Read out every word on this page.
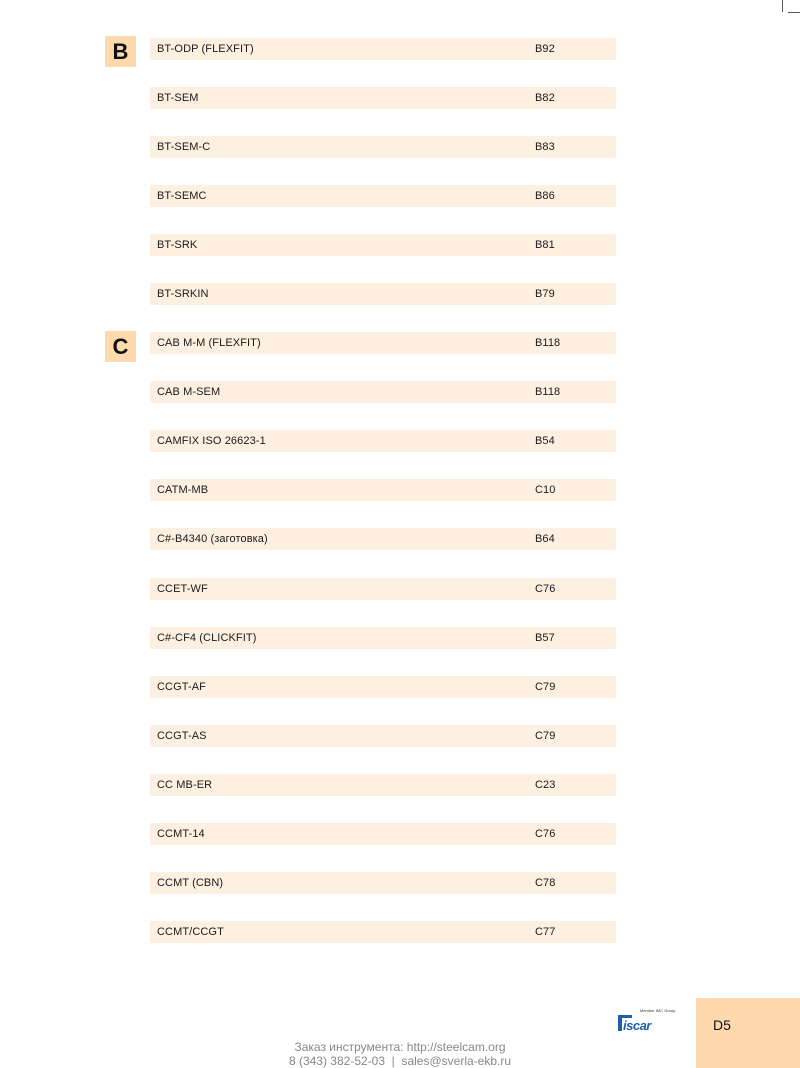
B	BT-ODP (FLEXFIT)	B92
BT-SEM	B82
BT-SEM-C	B83
BT-SEMC	B86
BT-SRK	B81
BT-SRKIN	B79
C	CAB M-M (FLEXFIT)	B118
CAB M-SEM	B118
CAMFIX ISO 26623-1	B54
CATM-MB	C10
C#-B4340 (заготовка)	B64
CCET-WF	C76
C#-CF4 (CLICKFIT)	B57
CCGT-AF	C79
CCGT-AS	C79
CC MB-ER	C23
CCMT-14	C76
CCMT (CBN)	C78
CCMT/CCGT	C77
Member IMC Group
iscar	D5
Заказ инструмента: http://steelcam.org
8 (343) 382-52-03  |  sales@sverla-ekb.ru
